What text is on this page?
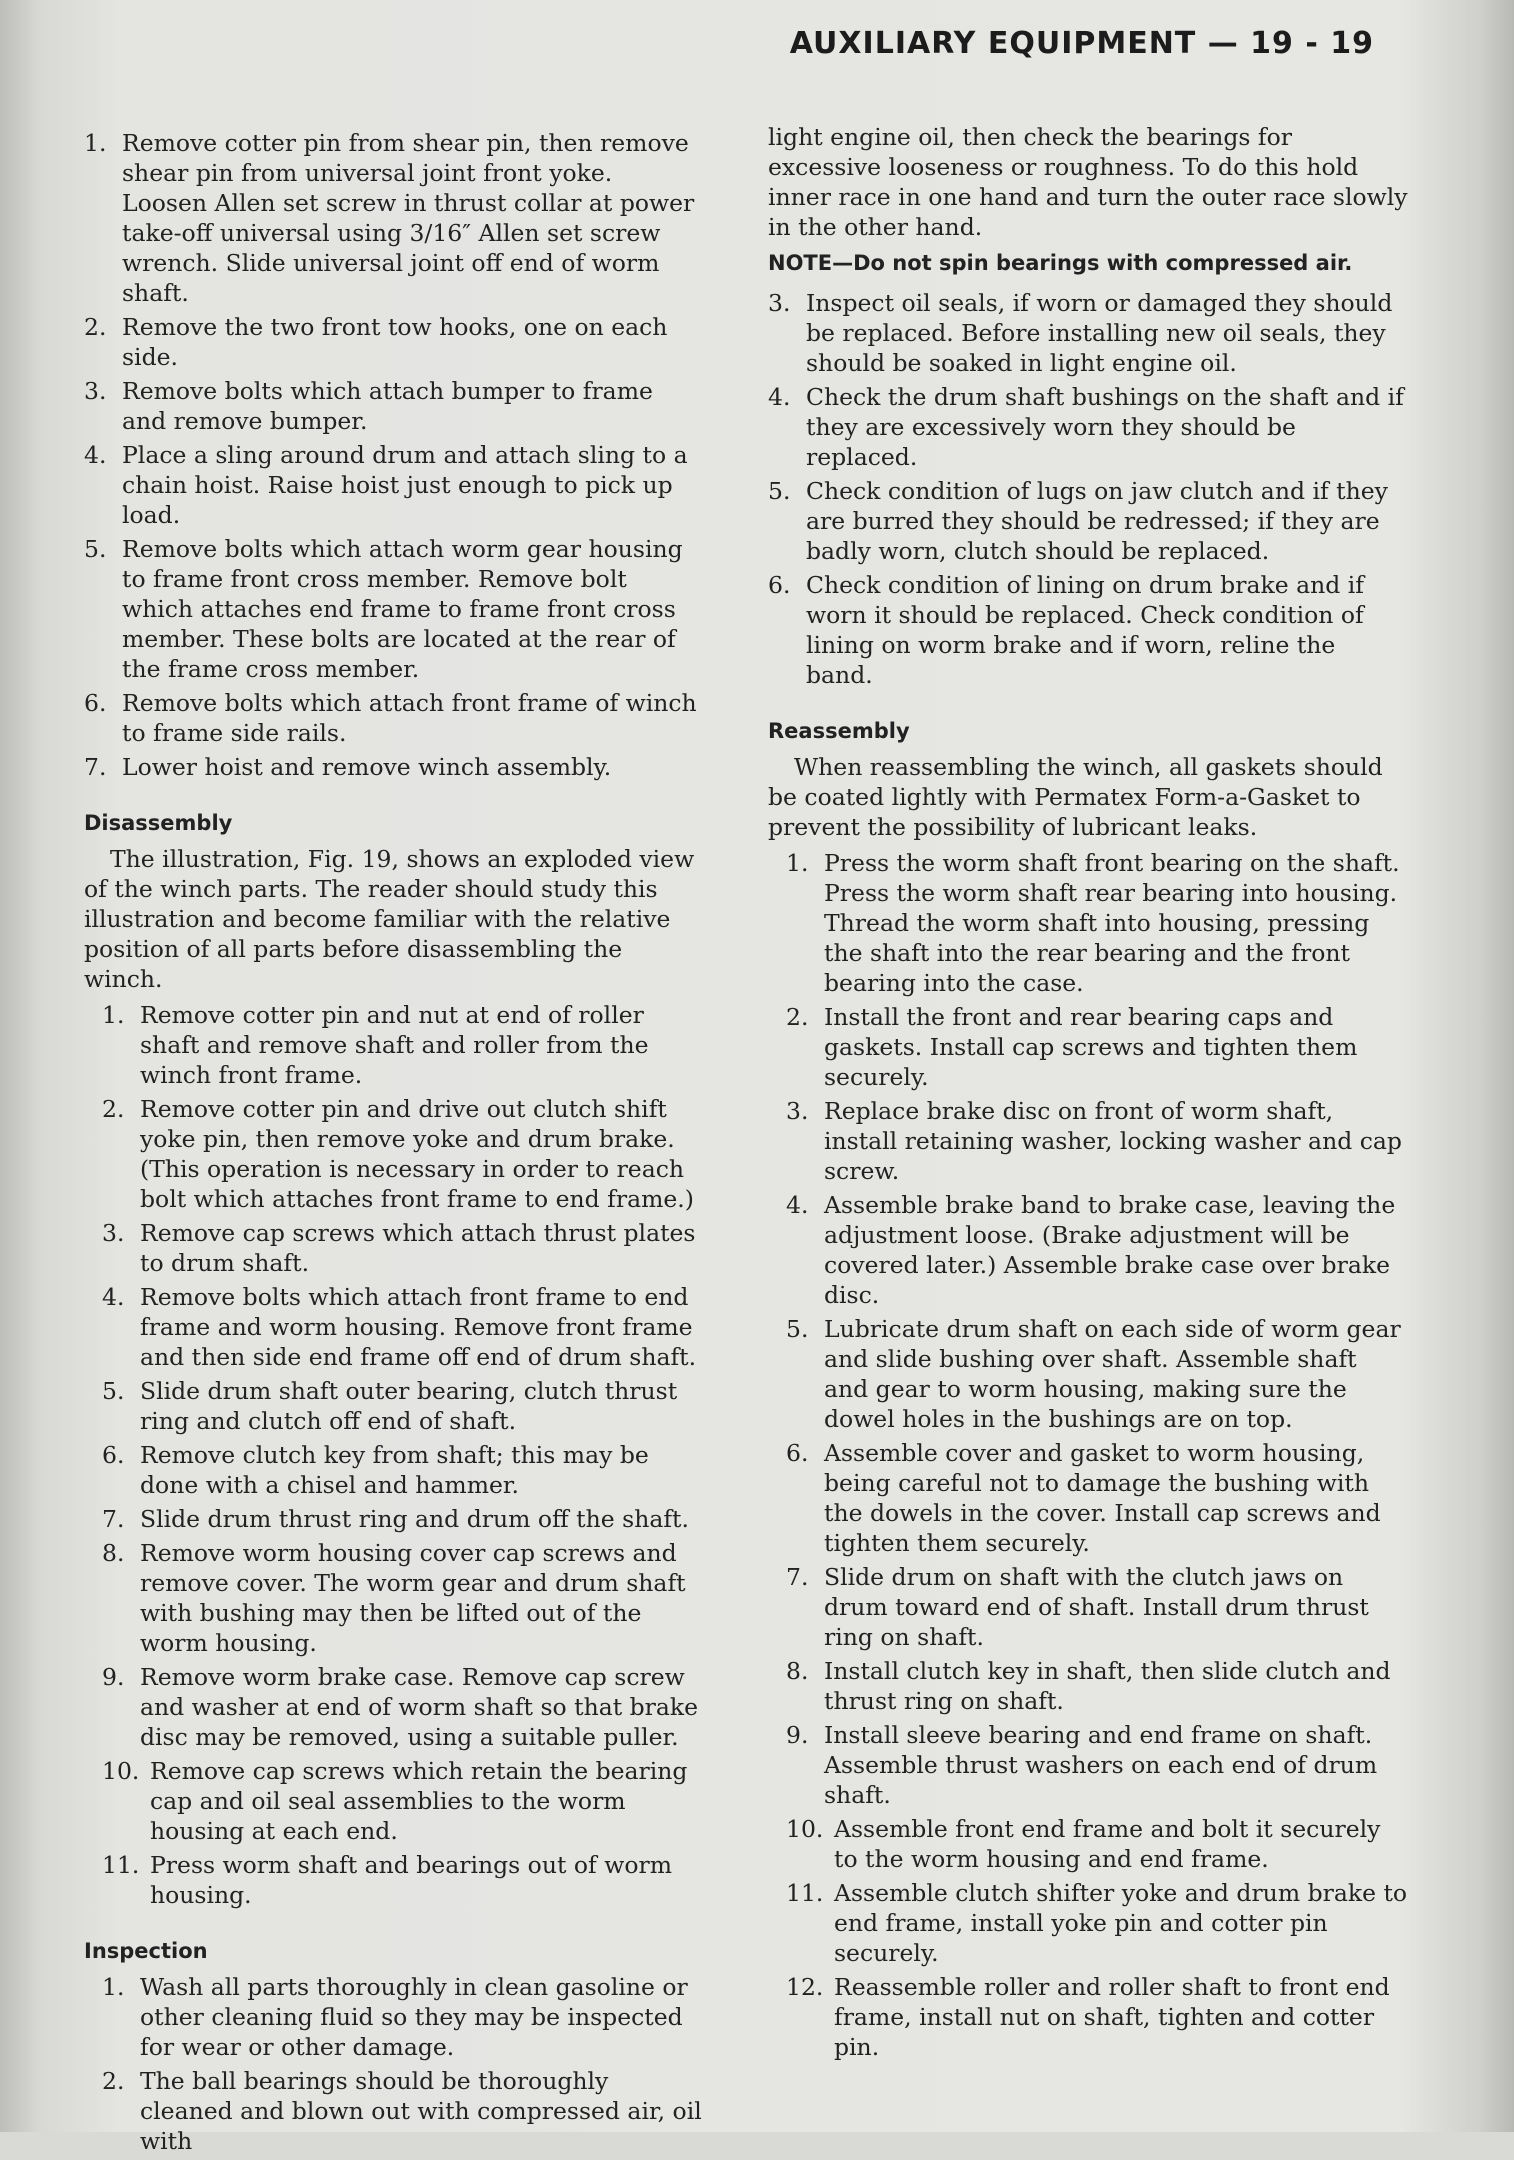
AUXILIARY EQUIPMENT — 19 - 19
1. Remove cotter pin from shear pin, then remove shear pin from universal joint front yoke. Loosen Allen set screw in thrust collar at power take-off universal using 3/16″ Allen set screw wrench. Slide universal joint off end of worm shaft.
2. Remove the two front tow hooks, one on each side.
3. Remove bolts which attach bumper to frame and remove bumper.
4. Place a sling around drum and attach sling to a chain hoist. Raise hoist just enough to pick up load.
5. Remove bolts which attach worm gear housing to frame front cross member. Remove bolt which attaches end frame to frame front cross member. These bolts are located at the rear of the frame cross member.
6. Remove bolts which attach front frame of winch to frame side rails.
7. Lower hoist and remove winch assembly.
Disassembly

The illustration, Fig. 19, shows an exploded view of the winch parts. The reader should study this illustration and become familiar with the relative position of all parts before disassembling the winch.

1. Remove cotter pin and nut at end of roller shaft and remove shaft and roller from the winch front frame.
2. Remove cotter pin and drive out clutch shift yoke pin, then remove yoke and drum brake. (This operation is necessary in order to reach bolt which attaches front frame to end frame.)
3. Remove cap screws which attach thrust plates to drum shaft.
4. Remove bolts which attach front frame to end frame and worm housing. Remove front frame and then side end frame off end of drum shaft.
5. Slide drum shaft outer bearing, clutch thrust ring and clutch off end of shaft.
6. Remove clutch key from shaft; this may be done with a chisel and hammer.
7. Slide drum thrust ring and drum off the shaft.
8. Remove worm housing cover cap screws and remove cover. The worm gear and drum shaft with bushing may then be lifted out of the worm housing.
9. Remove worm brake case. Remove cap screw and washer at end of worm shaft so that brake disc may be removed, using a suitable puller.
10. Remove cap screws which retain the bearing cap and oil seal assemblies to the worm housing at each end.
11. Press worm shaft and bearings out of worm housing.
Inspection
1. Wash all parts thoroughly in clean gasoline or other cleaning fluid so they may be inspected for wear or other damage.
2. The ball bearings should be thoroughly cleaned and blown out with compressed air, oil with

light engine oil, then check the bearings for excessive looseness or roughness. To do this hold inner race in one hand and turn the outer race slowly in the other hand.

NOTE—Do not spin bearings with compressed air.
3. Inspect oil seals, if worn or damaged they should be replaced. Before installing new oil seals, they should be soaked in light engine oil.
4. Check the drum shaft bushings on the shaft and if they are excessively worn they should be replaced.
5. Check condition of lugs on jaw clutch and if they are burred they should be redressed; if they are badly worn, clutch should be replaced.
6. Check condition of lining on drum brake and if worn it should be replaced. Check condition of lining on worm brake and if worn, reline the band.
Reassembly

When reassembling the winch, all gaskets should be coated lightly with Permatex Form-a-Gasket to prevent the possibility of lubricant leaks.

1. Press the worm shaft front bearing on the shaft. Press the worm shaft rear bearing into housing. Thread the worm shaft into housing, pressing the shaft into the rear bearing and the front bearing into the case.
2. Install the front and rear bearing caps and gaskets. Install cap screws and tighten them securely.
3. Replace brake disc on front of worm shaft, install retaining washer, locking washer and cap screw.
4. Assemble brake band to brake case, leaving the adjustment loose. (Brake adjustment will be covered later.) Assemble brake case over brake disc.
5. Lubricate drum shaft on each side of worm gear and slide bushing over shaft. Assemble shaft and gear to worm housing, making sure the dowel holes in the bushings are on top.
6. Assemble cover and gasket to worm housing, being careful not to damage the bushing with the dowels in the cover. Install cap screws and tighten them securely.
7. Slide drum on shaft with the clutch jaws on drum toward end of shaft. Install drum thrust ring on shaft.
8. Install clutch key in shaft, then slide clutch and thrust ring on shaft.
9. Install sleeve bearing and end frame on shaft. Assemble thrust washers on each end of drum shaft.
10. Assemble front end frame and bolt it securely to the worm housing and end frame.
11. Assemble clutch shifter yoke and drum brake to end frame, install yoke pin and cotter pin securely.
12. Reassemble roller and roller shaft to front end frame, install nut on shaft, tighten and cotter pin.
